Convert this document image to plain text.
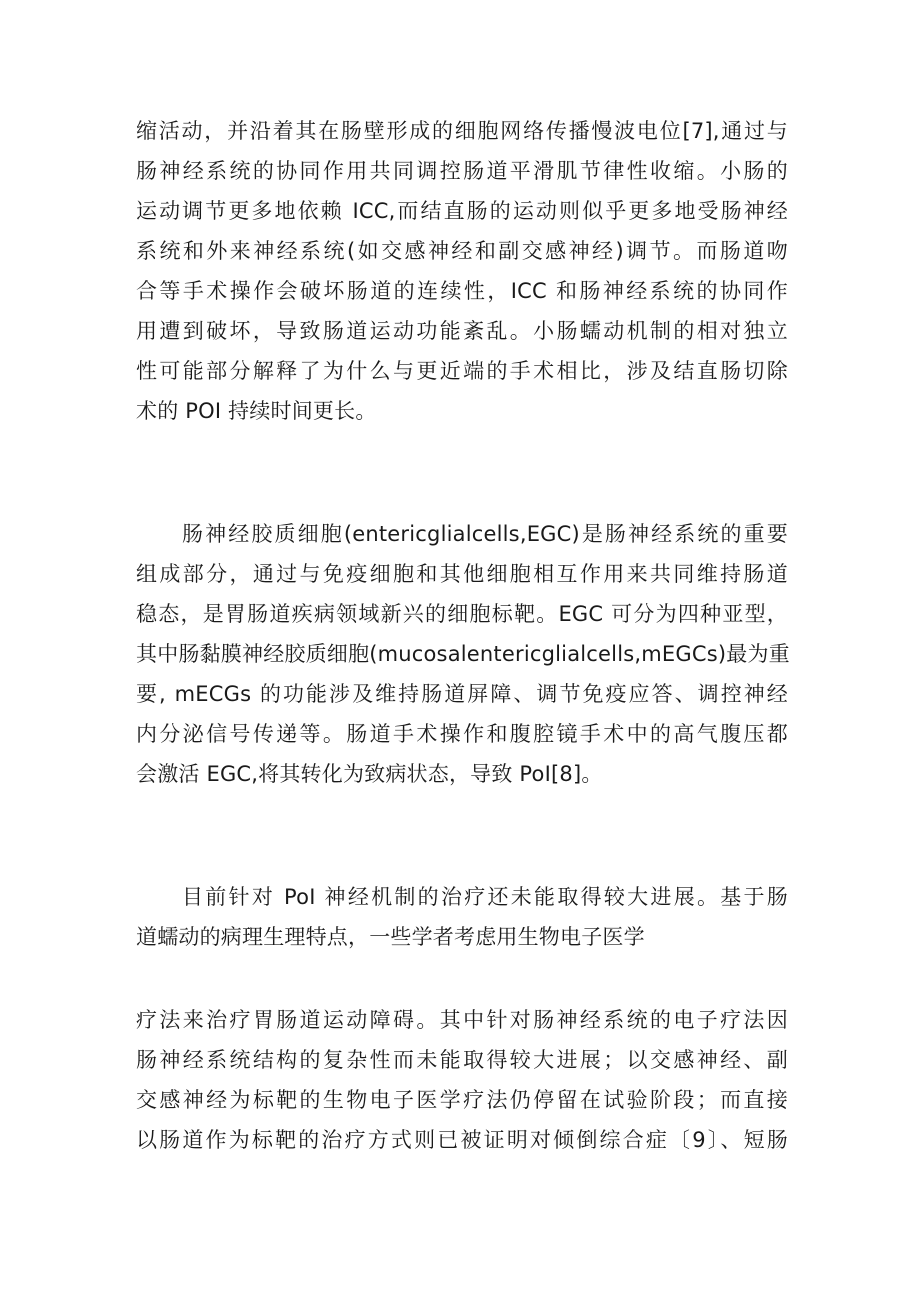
缩活动，并沿着其在肠壁形成的细胞网络传播慢波电位[7],通过与
肠神经系统的协同作用共同调控肠道平滑肌节律性收缩。小肠的
运动调节更多地依赖 ICC,而结直肠的运动则似乎更多地受肠神经
系统和外来神经系统(如交感神经和副交感神经)调节。而肠道吻
合等手术操作会破坏肠道的连续性，ICC 和肠神经系统的协同作
用遭到破坏，导致肠道运动功能紊乱。小肠蠕动机制的相对独立
性可能部分解释了为什么与更近端的手术相比，涉及结直肠切除
术的 POI 持续时间更长。
肠神经胶质细胞(entericglialcells,EGC)是肠神经系统的重要
组成部分，通过与免疫细胞和其他细胞相互作用来共同维持肠道
稳态，是胃肠道疾病领域新兴的细胞标靶。EGC 可分为四种亚型，
其中肠黏膜神经胶质细胞(mucosalentericglialcells,mEGCs)最为重
要, mECGs 的功能涉及维持肠道屏障、调节免疫应答、调控神经
内分泌信号传递等。肠道手术操作和腹腔镜手术中的高气腹压都
会激活 EGC,将其转化为致病状态，导致 PoI[8]。
目前针对 PoI 神经机制的治疗还未能取得较大进展。基于肠
道蠕动的病理生理特点，一些学者考虑用生物电子医学
疗法来治疗胃肠道运动障碍。其中针对肠神经系统的电子疗法因
肠神经系统结构的复杂性而未能取得较大进展；以交感神经、副
交感神经为标靶的生物电子医学疗法仍停留在试验阶段；而直接
以肠道作为标靶的治疗方式则已被证明对倾倒综合症〔9〕、短肠
